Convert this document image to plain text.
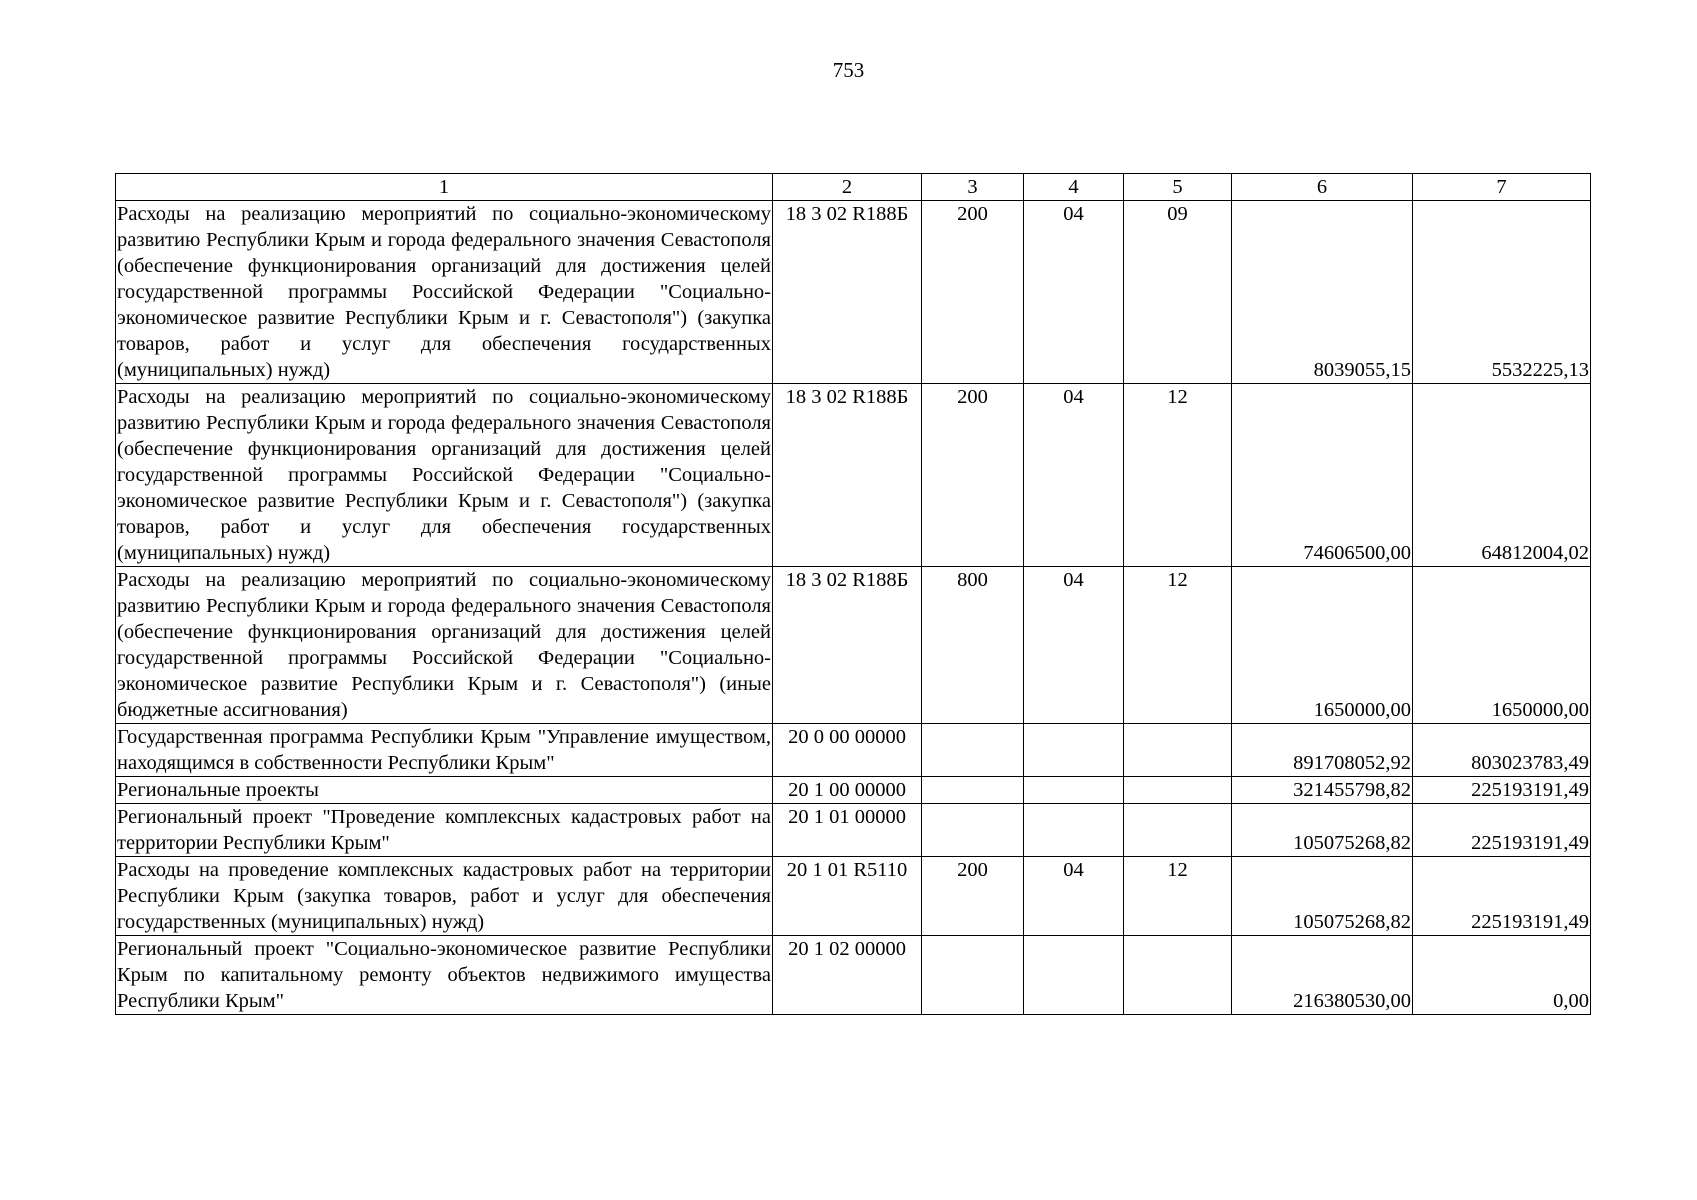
753
1	2	3	4	5	6	7
Расходы на реализацию мероприятий по социально-экономическому развитию Республики Крым и города федерального значения Севастополя (обеспечение функционирования организаций для достижения целей государственной программы Российской Федерации "Социально-экономическое развитие Республики Крым и г. Севастополя") (закупка товаров, работ и услуг для обеспечения государственных (муниципальных) нужд)	18 3 02 R188Б	200	04	09	8039055,15	5532225,13
Расходы на реализацию мероприятий по социально-экономическому развитию Республики Крым и города федерального значения Севастополя (обеспечение функционирования организаций для достижения целей государственной программы Российской Федерации "Социально-экономическое развитие Республики Крым и г. Севастополя") (закупка товаров, работ и услуг для обеспечения государственных (муниципальных) нужд)	18 3 02 R188Б	200	04	12	74606500,00	64812004,02
Расходы на реализацию мероприятий по социально-экономическому развитию Республики Крым и города федерального значения Севастополя (обеспечение функционирования организаций для достижения целей государственной программы Российской Федерации "Социально-экономическое развитие Республики Крым и г. Севастополя") (иные бюджетные ассигнования)	18 3 02 R188Б	800	04	12	1650000,00	1650000,00
Государственная программа Республики Крым "Управление имуществом, находящимся в собственности Республики Крым"	20 0 00 00000				891708052,92	803023783,49
Региональные проекты	20 1 00 00000				321455798,82	225193191,49
Региональный проект "Проведение комплексных кадастровых работ на территории Республики Крым"	20 1 01 00000				105075268,82	225193191,49
Расходы на проведение комплексных кадастровых работ на территории Республики Крым (закупка товаров, работ и услуг для обеспечения государственных (муниципальных) нужд)	20 1 01 R5110	200	04	12	105075268,82	225193191,49
Региональный проект "Социально-экономическое развитие Республики Крым по капитальному ремонту объектов недвижимого имущества Республики Крым"	20 1 02 00000				216380530,00	0,00
